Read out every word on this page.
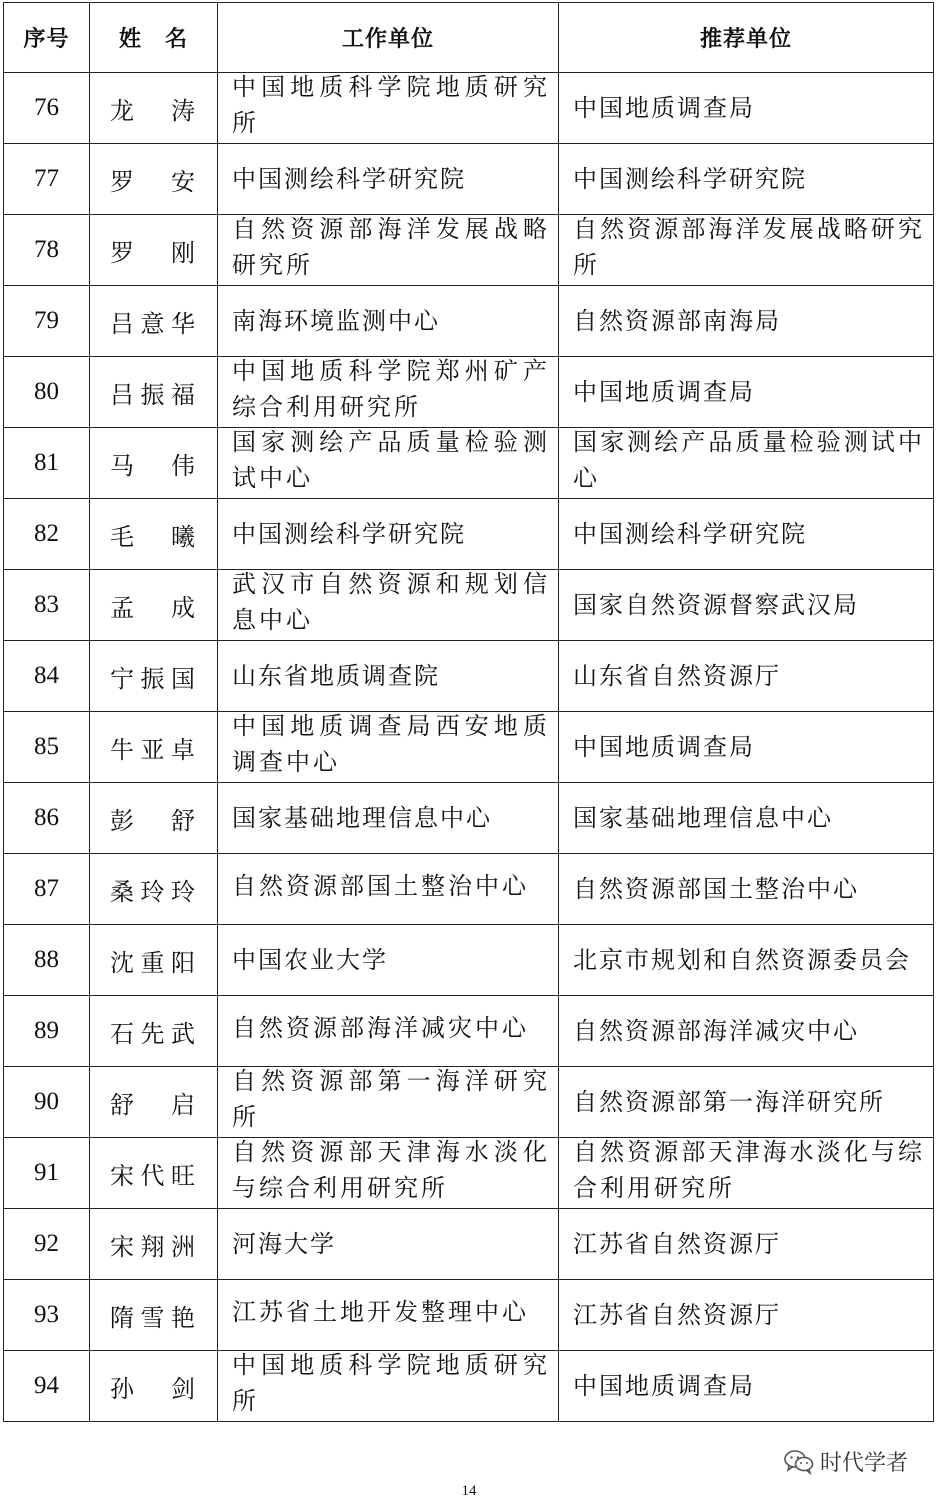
序号	姓　名	工作单位	推荐单位
76	龙　涛	中国地质科学院地质研究所	中国地质调查局

77	罗　安	中国测绘科学研究院	中国测绘科学研究院

78	罗　刚	自然资源部海洋发展战略研究所	自然资源部海洋发展战略研究所

79	吕意华	南海环境监测中心	自然资源部南海局

80	吕振福	中国地质科学院郑州矿产综合利用研究所	中国地质调查局

81	马　伟	国家测绘产品质量检验测试中心	国家测绘产品质量检验测试中心

82	毛　曦	中国测绘科学研究院	中国测绘科学研究院

83	孟　成	武汉市自然资源和规划信息中心	国家自然资源督察武汉局

84	宁振国	山东省地质调查院	山东省自然资源厅

85	牛亚卓	中国地质调查局西安地质调查中心	中国地质调查局

86	彭　舒	国家基础地理信息中心	国家基础地理信息中心

87	桑玲玲	自然资源部国土整治中心	自然资源部国土整治中心

88	沈重阳	中国农业大学	北京市规划和自然资源委员会

89	石先武	自然资源部海洋减灾中心	自然资源部海洋减灾中心

90	舒　启	自然资源部第一海洋研究所	自然资源部第一海洋研究所

91	宋代旺	自然资源部天津海水淡化与综合利用研究所	自然资源部天津海水淡化与综合利用研究所

92	宋翔洲	河海大学	江苏省自然资源厅

93	隋雪艳	江苏省土地开发整理中心	江苏省自然资源厅

94	孙　剑	中国地质科学院地质研究所	中国地质调查局
时代学者
14
